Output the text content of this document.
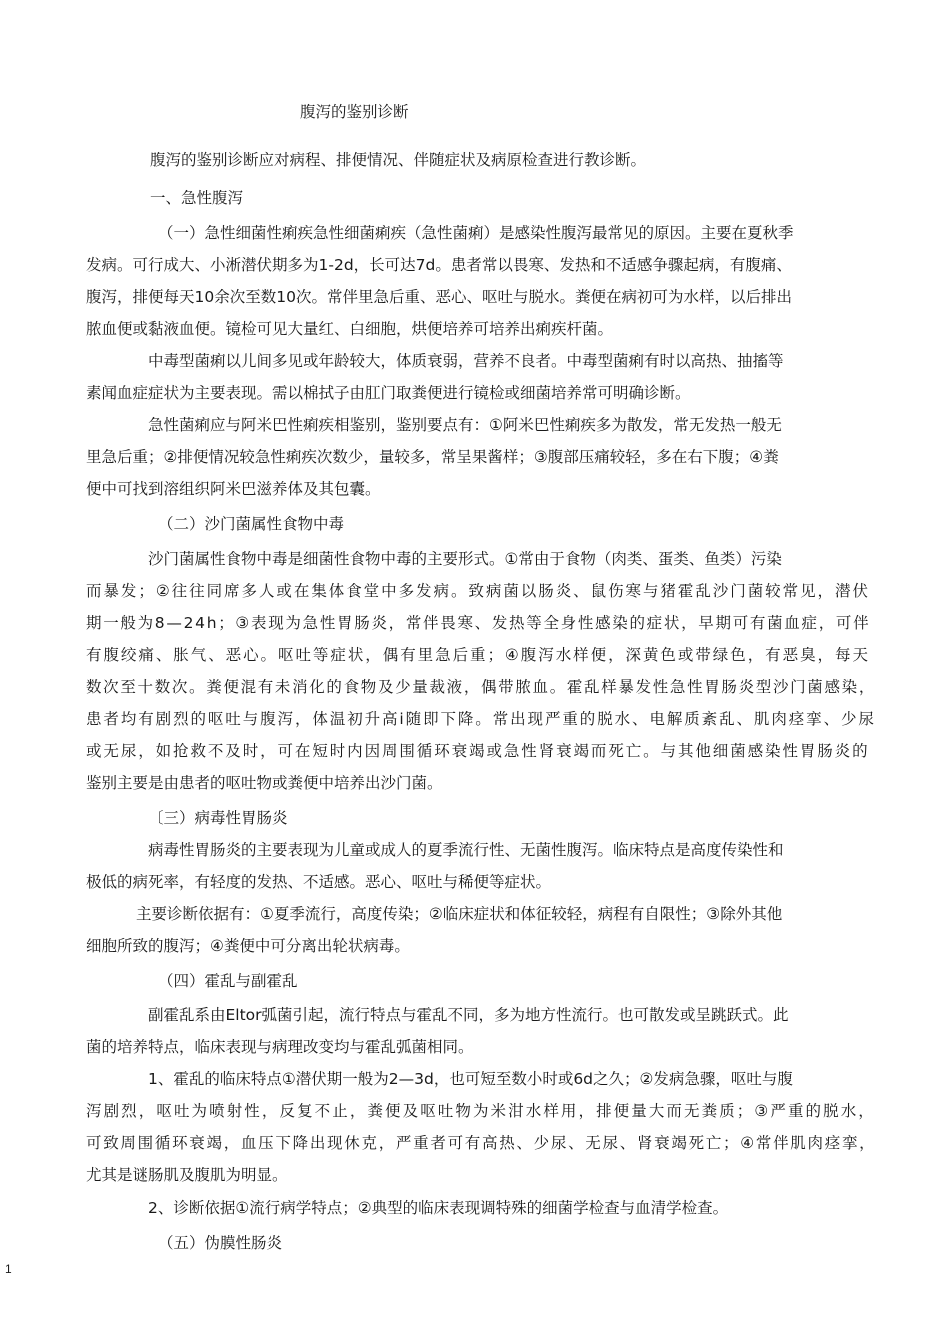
腹泻的鉴别诊断
腹泻的鉴别诊断应对病程、排便情况、伴随症状及病原检查进行教诊断。
一、急性腹泻
（一）急性细菌性痢疾急性细菌痢疾（急性菌痢）是感染性腹泻最常见的原因。主要在夏秋季
发病。可行成大、小淅潜伏期多为1-2d，长可达7d。患者常以畏寒、发热和不适感争骤起病，有腹痛、
腹泻，排便每天10余次至数10次。常伴里急后重、恶心、呕吐与脱水。粪便在病初可为水样，以后排出
脓血便或黏液血便。镜检可见大量红、白细胞，烘便培养可培养出痢疾杆菌。
中毒型菌痢以儿间多见或年龄较大，体质衰弱，营养不良者。中毒型菌痢有时以高热、抽搐等
素闻血症症状为主要表现。需以棉拭子由肛门取粪便进行镜检或细菌培养常可明确诊断。
急性菌痢应与阿米巴性痢疾相鉴别，鉴别要点有：①阿米巴性痢疾多为散发，常无发热一般无
里急后重；②排便情况较急性痢疾次数少，量较多，常呈果酱样；③腹部压痛较轻，多在右下腹；④粪
便中可找到溶组织阿米巴滋养体及其包囊。
（二）沙门菌属性食物中毒
沙门菌属性食物中毒是细菌性食物中毒的主要形式。①常由于食物（肉类、蛋类、鱼类）污染
而暴发；②往往同席多人或在集体食堂中多发病。致病菌以肠炎、鼠伤寒与猪霍乱沙门菌较常见，潜伏
期一般为8—24h；③表现为急性胃肠炎，常伴畏寒、发热等全身性感染的症状，早期可有菌血症，可伴
有腹绞痛、胀气、恶心。呕吐等症状，偶有里急后重；④腹泻水样便，深黄色或带绿色，有恶臭，每天
数次至十数次。粪便混有未消化的食物及少量裁液，偶带脓血。霍乱样暴发性急性胃肠炎型沙门菌感染，
患者均有剧烈的呕吐与腹泻，体温初升高ⅰ随即下降。常出现严重的脱水、电解质紊乱、肌肉痉挛、少尿
或无尿，如抢救不及时，可在短时内因周围循环衰竭或急性肾衰竭而死亡。与其他细菌感染性胃肠炎的
鉴别主要是由患者的呕吐物或粪便中培养出沙门菌。
〔三）病毒性胃肠炎
病毒性胃肠炎的主要表现为儿童或成人的夏季流行性、无菌性腹泻。临床特点是高度传染性和
极低的病死率，有轻度的发热、不适感。恶心、呕吐与稀便等症状。
主要诊断依据有：①夏季流行，高度传染；②临床症状和体征较轻，病程有自限性；③除外其他
细胞所致的腹泻；④粪便中可分离出轮状病毒。
（四）霍乱与副霍乱
副霍乱系由Eltor弧菌引起，流行特点与霍乱不同，多为地方性流行。也可散发或呈跳跃式。此
菌的培养特点，临床表现与病理改变均与霍乱弧菌相同。
1、霍乱的临床特点①潜伏期一般为2—3d，也可短至数小时或6d之久；②发病急骤，呕吐与腹
泻剧烈，呕吐为喷射性，反复不止，粪便及呕吐物为米泔水样用，排便量大而无粪质；③严重的脱水，
可致周围循环衰竭，血压下降出现休克，严重者可有高热、少尿、无尿、肾衰竭死亡；④常伴肌肉痉挛，
尤其是谜肠肌及腹肌为明显。
2、诊断依据①流行病学特点；②典型的临床表现调特殊的细菌学检查与血清学检查。
（五）伪膜性肠炎
1
